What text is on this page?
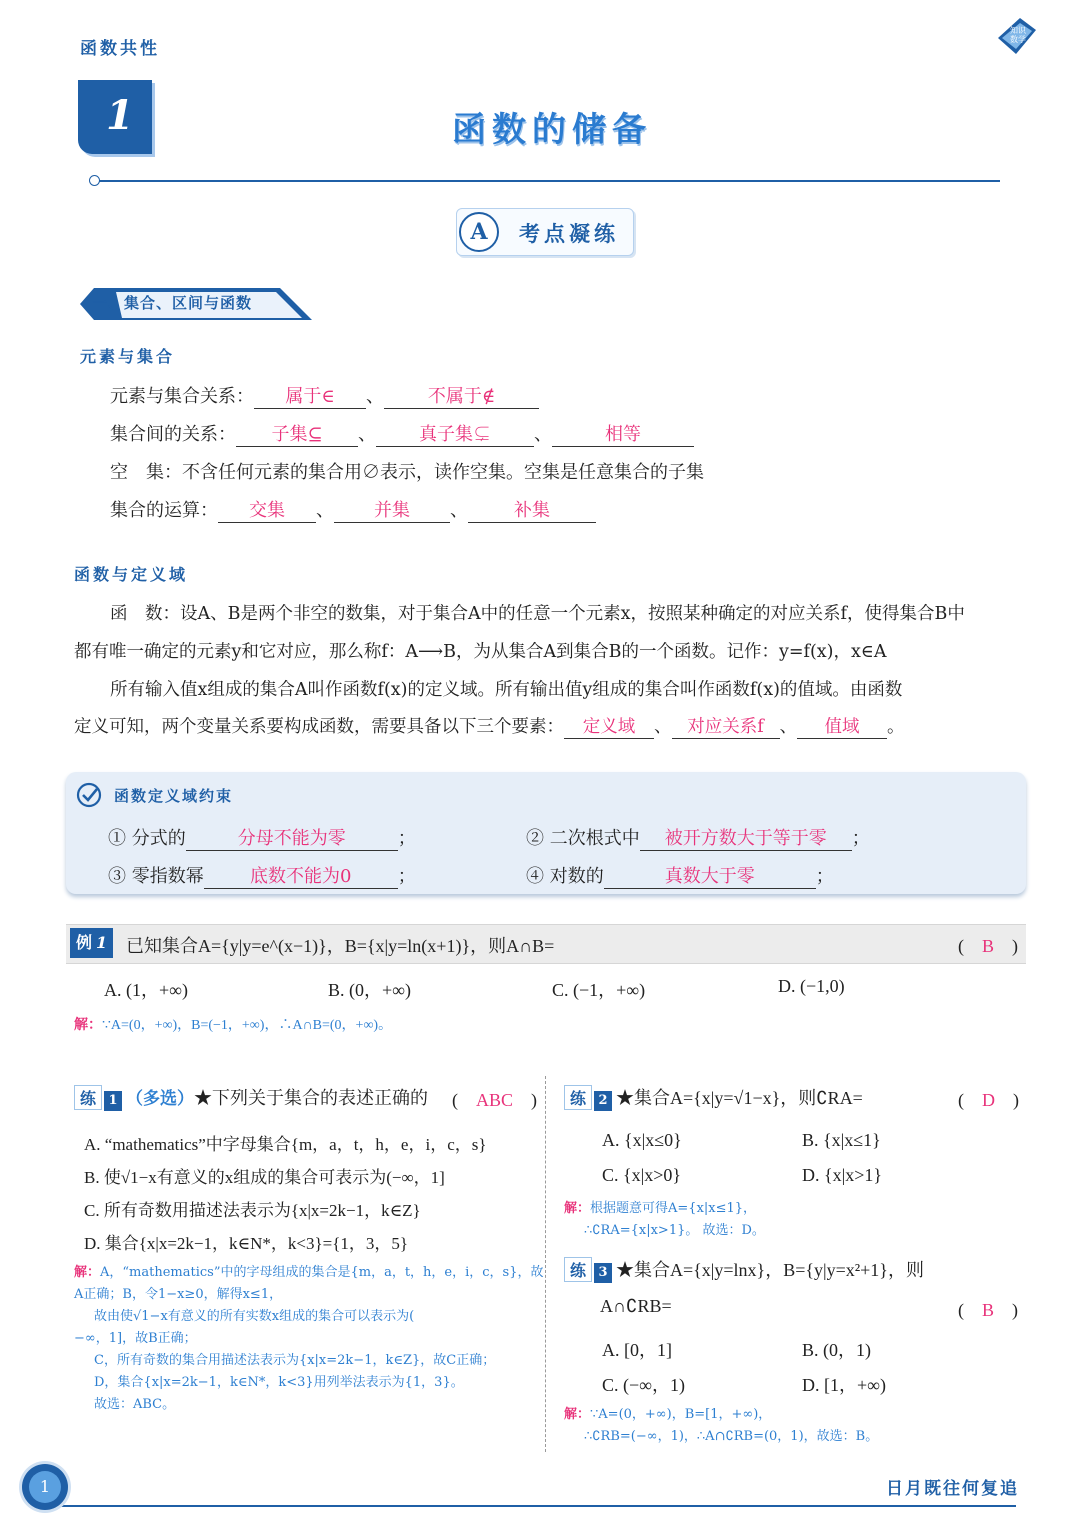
函数共性
知识数学
1	函数的储备
A	考点凝练
一、集合、区间与函数
元素与集合
元素与集合关系： 属于∈ 、 不属于∉
集合间的关系： 子集⊆ 、 真子集⊊ 、	相等
空　集：不含任何元素的集合用∅表示，读作空集。空集是任意集合的子集
集合的运算： 交集 、 并集 、	补集
函数与定义域
函　数：设A、B是两个非空的数集，对于集合A中的任意一个元素x，按照某种确定的对应关系f，使得集合B中
都有唯一确定的元素y和它对应，那么称f：A⟶B，为从集合A到集合B的一个函数。记作：y=f(x)，x∈A
所有输入值x组成的集合A叫作函数f(x)的定义域。所有输出值y组成的集合叫作函数f(x)的值域。由函数
定义可知，两个变量关系要构成函数，需要具备以下三个要素： 定义域 、 对应关系f 、 值域 。
函数定义域约束
① 分式的	分母不能为零	；	② 二次根式中 被开方数大于等于零 ；
③ 零指数幂	底数不能为0	；	④ 对数的	真数大于零	；
例 1	已知集合A={y|y=e^(x−1)}，B={x|y=ln(x+1)}，则A∩B=	(　B　)
A. (1，+∞)	B. (0，+∞)	C. (−1，+∞)	D. (−1,0)
解：∵A=(0，+∞)，B=(−1，+∞)，∴A∩B=(0，+∞)。
练 1 （多选）★下列关于集合的表述正确的 (　ABC　)
A. “mathematics”中字母集合{m，a，t，h，e，i，c，s}
B. 使√1−x有意义的x组成的集合可表示为(−∞，1]
C. 所有奇数用描述法表示为{x|x=2k−1，k∈Z}
D. 集合{x|x=2k−1，k∈N*，k<3}={1，3，5}
解：A，“mathematics”中的字母组成的集合是{m，a，t，h，e，i，c，s}，故
A正确；B，令1−x≥0，解得x≤1，
故由使√1−x有意义的所有实数x组成的集合可以表示为(
−∞，1]，故B正确；
C，所有奇数的集合用描述法表示为{x|x=2k−1，k∈Z}，故C正确；
D，集合{x|x=2k−1，k∈N*，k<3}用列举法表示为{1，3}。
故选：ABC。
练 2 ★集合A={x|y=√1−x}，则∁RA=	(　D　)
A. {x|x≤0}	B. {x|x≤1}
C. {x|x>0}	D. {x|x>1}
解：根据题意可得A={x|x≤1}，
∴∁RA={x|x>1}。 故选：D。
练 3 ★集合A={x|y=lnx}，B={y|y=x²+1}，则
A∩∁RB=	(　B　)
A. [0，1]	B. (0，1)
C. (−∞，1)	D. [1，+∞)
解：∵A=(0，+∞)，B=[1，+∞)，
∴∁RB=(−∞，1)，∴A∩∁RB=(0，1)，故选：B。
1	日月既往何复追
